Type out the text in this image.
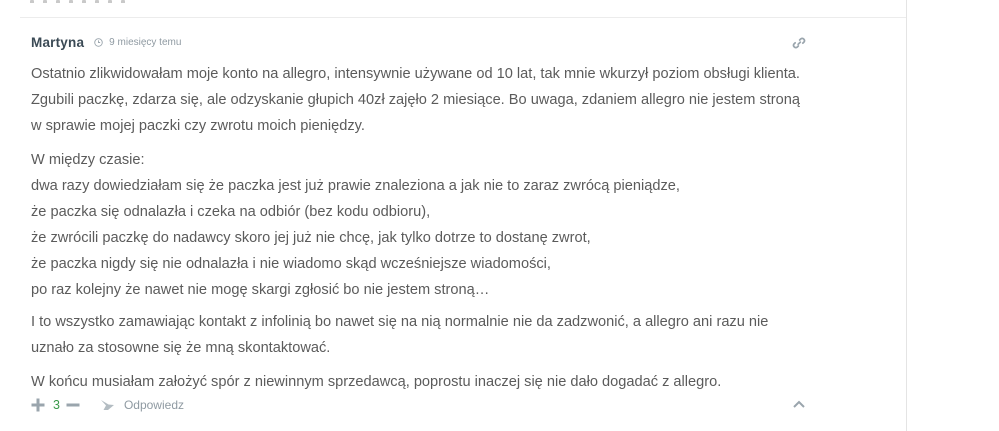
Martyna	9 miesięcy temu

Ostatnio zlikwidowałam moje konto na allegro, intensywnie używane od 10 lat, tak mnie wkurzył poziom obsługi klienta. Zgubili paczkę, zdarza się, ale odzyskanie głupich 40zł zajęło 2 miesiące. Bo uwaga, zdaniem allegro nie jestem stroną w sprawie mojej paczki czy zwrotu moich pieniędzy.

W między czasie:
dwa razy dowiedziałam się że paczka jest już prawie znaleziona a jak nie to zaraz zwrócą pieniądze,
że paczka się odnalazła i czeka na odbiór (bez kodu odbioru),
że zwrócili paczkę do nadawcy skoro jej już nie chcę, jak tylko dotrze to dostanę zwrot,
że paczka nigdy się nie odnalazła i nie wiadomo skąd wcześniejsze wiadomości,
po raz kolejny że nawet nie mogę skargi zgłosić bo nie jestem stroną…

I to wszystko zamawiając kontakt z infolinią bo nawet się na nią normalnie nie da zadzwonić, a allegro ani razu nie uznało za stosowne się że mną skontaktować.

W końcu musiałam założyć spór z niewinnym sprzedawcą, poprostu inaczej się nie dało dogadać z allegro.

3	Odpowiedz
